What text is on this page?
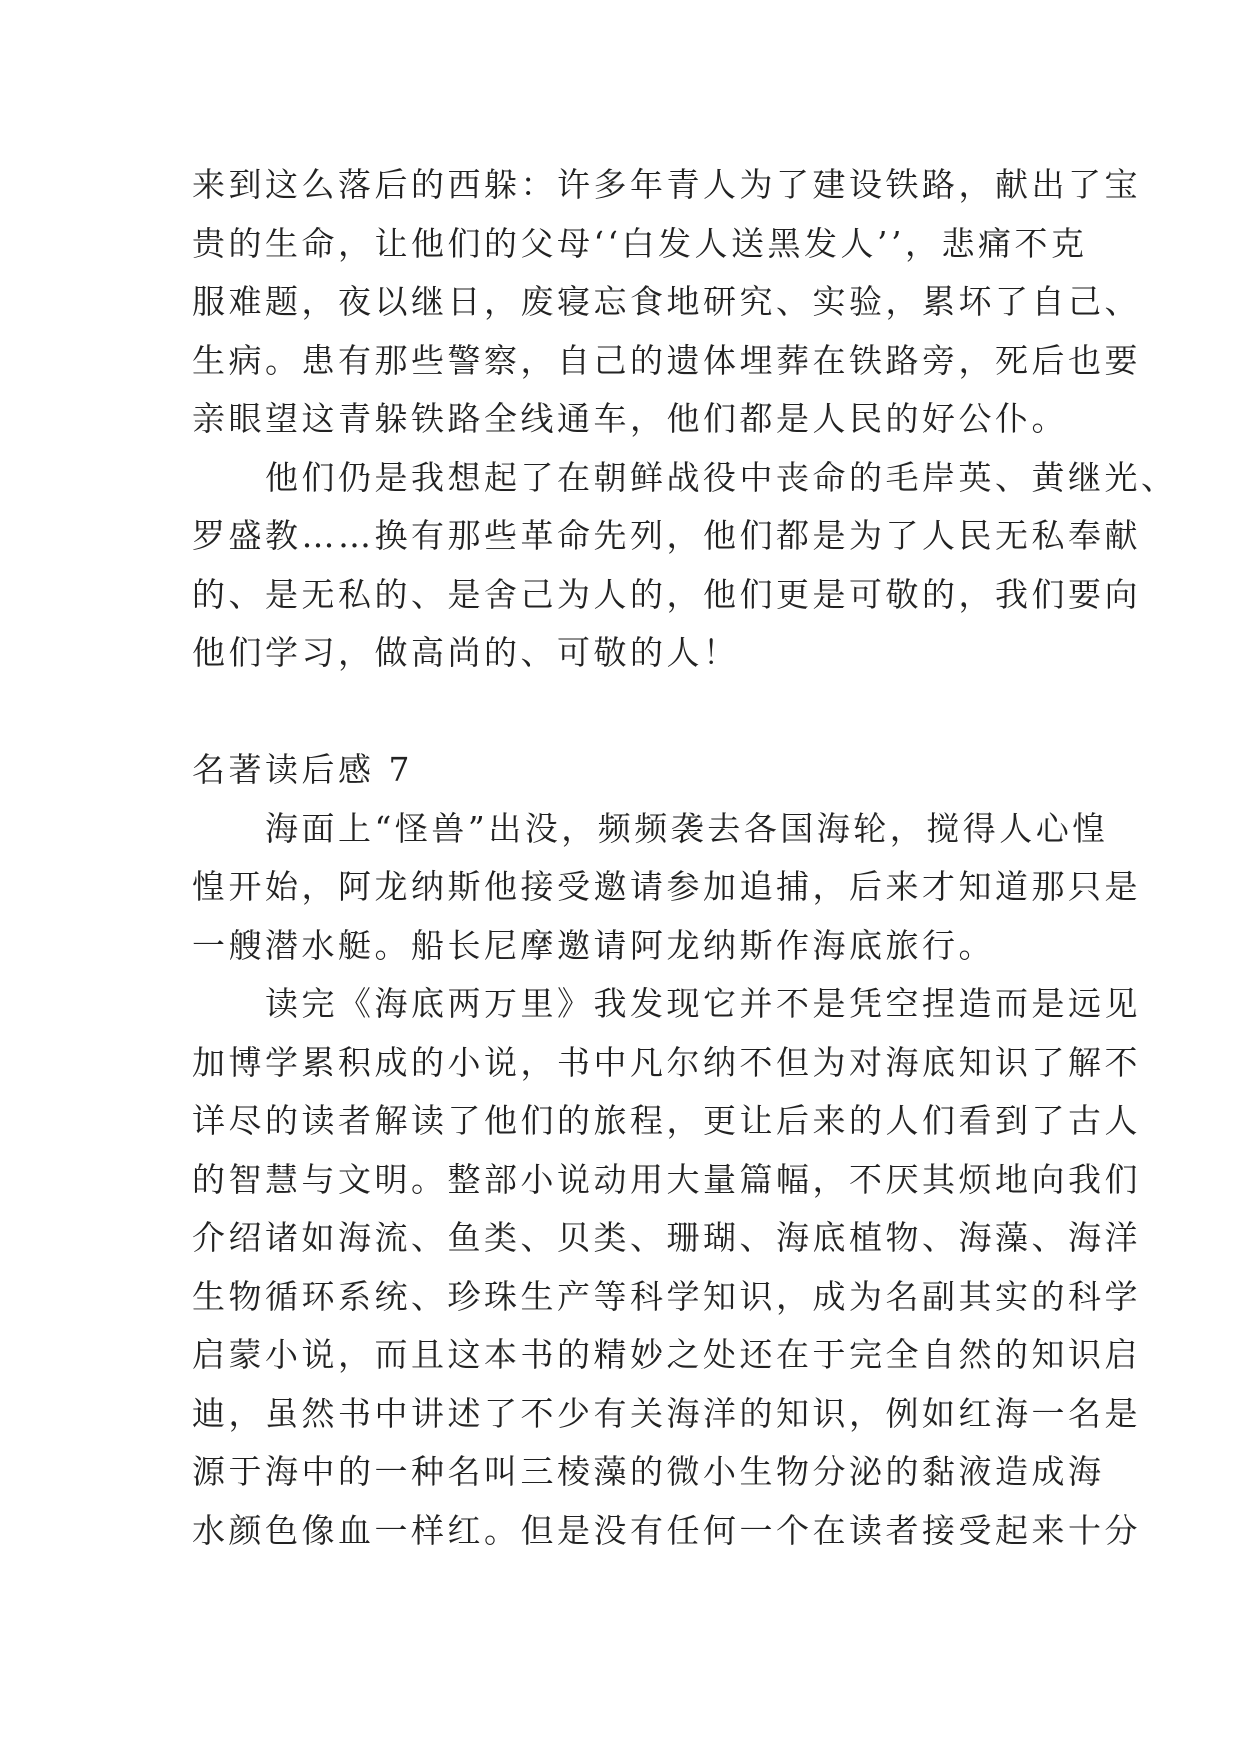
来到这么落后的西躲：许多年青人为了建设铁路，献出了宝

贵的生命，让他们的父母‘‘白发人送黑发人’’，悲痛不克

服难题，夜以继日，废寝忘食地研究、实验，累坏了自己、

生病。患有那些警察，自己的遗体埋葬在铁路旁，死后也要

亲眼望这青躲铁路全线通车，他们都是人民的好公仆。

　　他们仍是我想起了在朝鲜战役中丧命的毛岸英、黄继光、

罗盛教……换有那些革命先列，他们都是为了人民无私奉献

的、是无私的、是舍己为人的，他们更是可敬的，我们要向

他们学习，做高尚的、可敬的人！

名著读后感 7

　　海面上“怪兽”出没，频频袭去各国海轮，搅得人心惶

惶开始，阿龙纳斯他接受邀请参加追捕，后来才知道那只是

一艘潜水艇。船长尼摩邀请阿龙纳斯作海底旅行。

　　读完《海底两万里》我发现它并不是凭空捏造而是远见

加博学累积成的小说，书中凡尔纳不但为对海底知识了解不

详尽的读者解读了他们的旅程，更让后来的人们看到了古人

的智慧与文明。整部小说动用大量篇幅，不厌其烦地向我们

介绍诸如海流、鱼类、贝类、珊瑚、海底植物、海藻、海洋

生物循环系统、珍珠生产等科学知识，成为名副其实的科学

启蒙小说，而且这本书的精妙之处还在于完全自然的知识启

迪，虽然书中讲述了不少有关海洋的知识，例如红海一名是

源于海中的一种名叫三棱藻的微小生物分泌的黏液造成海

水颜色像血一样红。但是没有任何一个在读者接受起来十分
